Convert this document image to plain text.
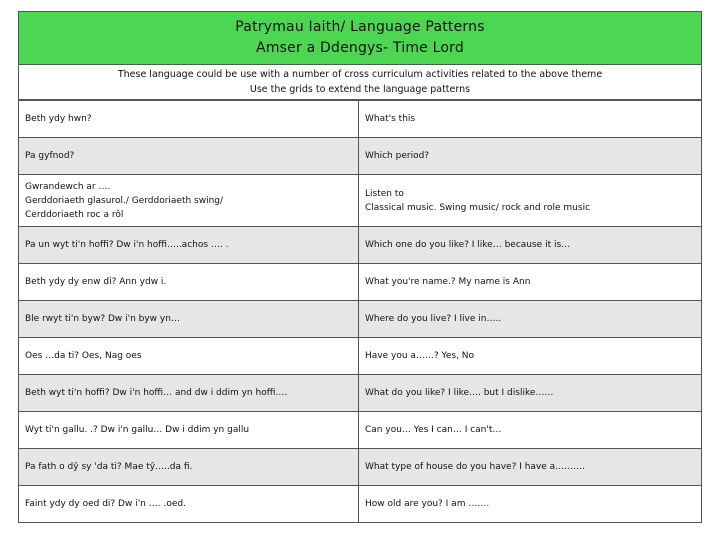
Patrymau Iaith/ Language Patterns
Amser a Ddengys- Time Lord
These language could be use with a number of cross curriculum activities related to the above theme
Use the grids to extend the language patterns
Beth ydy hwn?	What's this

Pa gyfnod?	Which period?

Gwrandewch ar ….
Gerddoriaeth glasurol./ Gerddoriaeth swing/
Cerddoriaeth roc a rôl	Listen to
Classical music. Swing music/ rock and role music

Pa un wyt ti'n hoffi? Dw i'n hoffi…..achos …. .	Which one do you like? I like… because it is…

Beth ydy dy enw di? Ann ydw i.	What you're name.? My name is Ann

Ble rwyt ti'n byw? Dw i'n byw yn…	Where do you live? I live in…..

Oes …da ti? Oes, Nag oes	Have you a……? Yes, No

Beth wyt ti'n hoffi? Dw i'n hoffi… and dw i ddim yn hoffi….	What do you like? I like…. but I dislike……

Wyt ti'n gallu. .? Dw i'n gallu… Dw i ddim yn gallu	Can you… Yes I can… I can't…

Pa fath o dŷ sy 'da ti? Mae tŷ…..da fi.	What type of house do you have? I have a……….

Faint ydy dy oed di? Dw i'n …. .oed.	How old are you? I am …….
